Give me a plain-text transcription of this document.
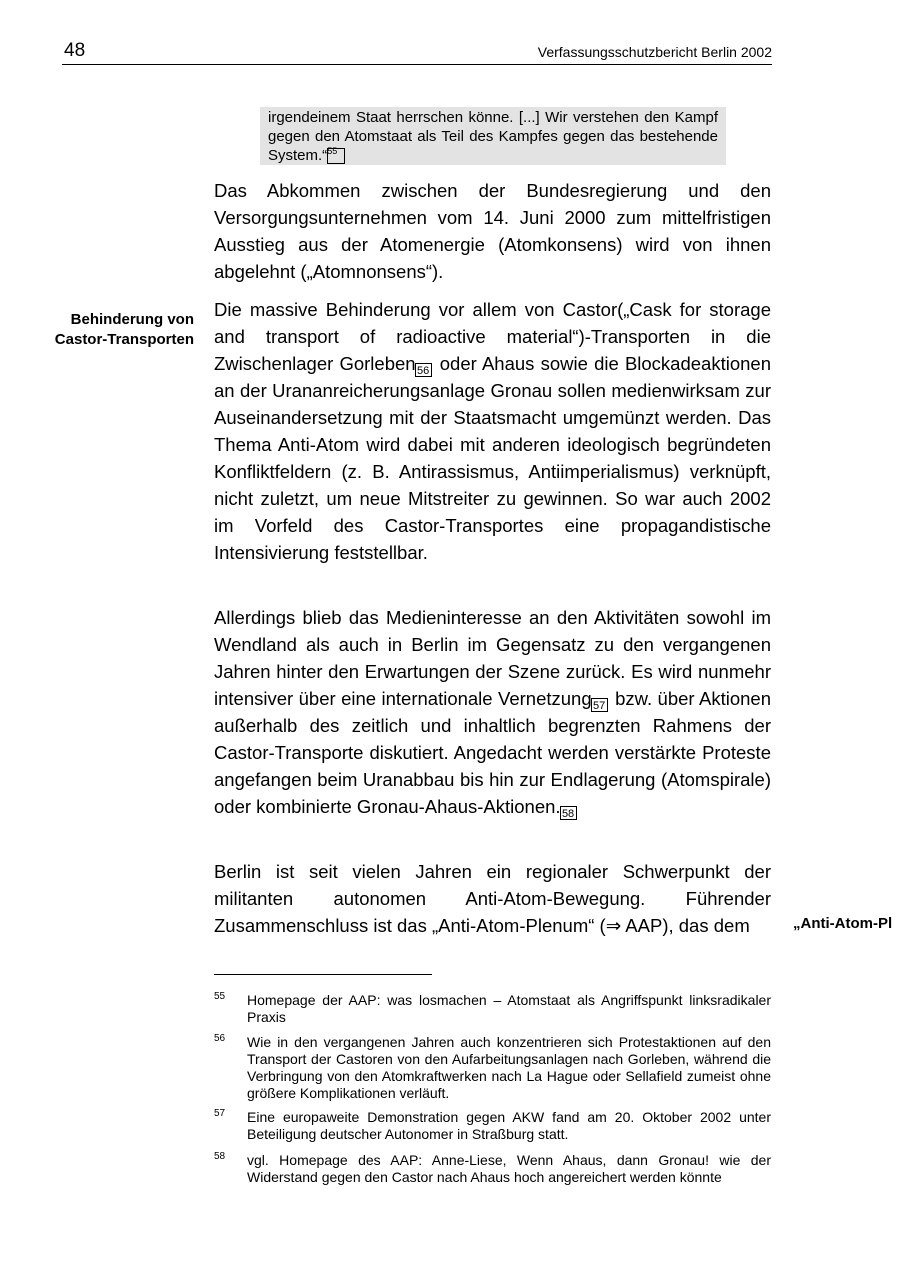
48	Verfassungsschutzbericht Berlin 2002

irgendeinem Staat herrschen könne. [...] Wir verstehen den Kampf gegen den Atomstaat als Teil des Kampfes gegen das bestehende System.“$^{55}$

Das Abkommen zwischen der Bundesregierung und den Versorgungsunternehmen vom 14. Juni 2000 zum mittelfristigen Ausstieg aus der Atomenergie (Atomkonsens) wird von ihnen abgelehnt („Atomnonsens“).

Behinderung von Castor-Transporten

Die massive Behinderung vor allem von Castor(„Cask for storage and transport of radioactive material“)-Transporten in die Zwischenlager Gorleben56 oder Ahaus sowie die Blockadeaktionen an der Urananreicherungsanlage Gronau sollen medienwirksam zur Auseinandersetzung mit der Staatsmacht umgemünzt werden. Das Thema Anti-Atom wird dabei mit anderen ideologisch begründeten Konfliktfeldern (z. B. Antirassismus, Antiimperialismus) verknüpft, nicht zuletzt, um neue Mitstreiter zu gewinnen. So war auch 2002 im Vorfeld des Castor-Transportes eine propagandistische Intensivierung feststellbar.

Allerdings blieb das Medieninteresse an den Aktivitäten sowohl im Wendland als auch in Berlin im Gegensatz zu den vergangenen Jahren hinter den Erwartungen der Szene zurück. Es wird nunmehr intensiver über eine internationale Vernetzung57 bzw. über Aktionen außerhalb des zeitlich und inhaltlich begrenzten Rahmens der Castor-Transporte diskutiert. Angedacht werden verstärkte Proteste angefangen beim Uranabbau bis hin zur Endlagerung (Atomspirale) oder kombinierte Gronau-Ahaus-Aktionen.58

Berlin ist seit vielen Jahren ein regionaler Schwerpunkt der militanten autonomen Anti-Atom-Bewegung. Führender Zusammenschluss ist das „Anti-Atom-Plenum“ (⇒ AAP), das dem	„Anti-Atom-Pl
55 Homepage der AAP: was losmachen – Atomstaat als Angriffspunkt linksradikaler Praxis
56 Wie in den vergangenen Jahren auch konzentrieren sich Protestaktionen auf den Transport der Castoren von den Aufarbeitungsanlagen nach Gorleben, während die Verbringung von den Atomkraftwerken nach La Hague oder Sellafield zumeist ohne größere Komplikationen verläuft.
57 Eine europaweite Demonstration gegen AKW fand am 20. Oktober 2002 unter Beteiligung deutscher Autonomer in Straßburg statt.
58 vgl. Homepage des AAP: Anne-Liese, Wenn Ahaus, dann Gronau! wie der Widerstand gegen den Castor nach Ahaus hoch angereichert werden könnte
